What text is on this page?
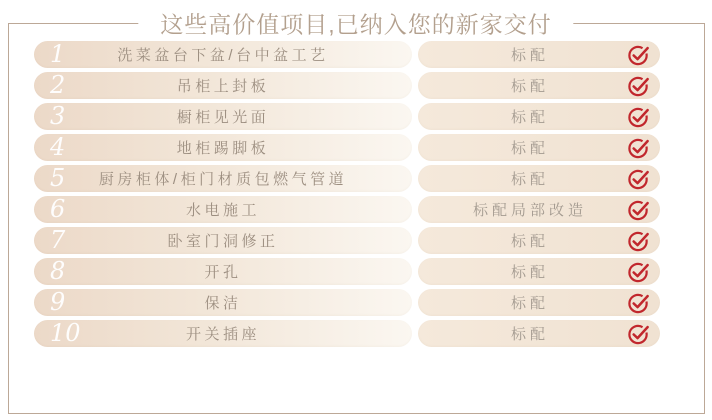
这些高价值项目,已纳入您的新家交付
1	洗菜盆台下盆/台中盆工艺	标配
2	吊柜上封板	标配
3	橱柜见光面	标配
4	地柜踢脚板	标配
5 厨房柜体/柜门材质包燃气管道	标配
6	水电施工	标配局部改造
7	卧室门洞修正	标配
8	开孔	标配
9	保洁	标配
10	开关插座	标配
